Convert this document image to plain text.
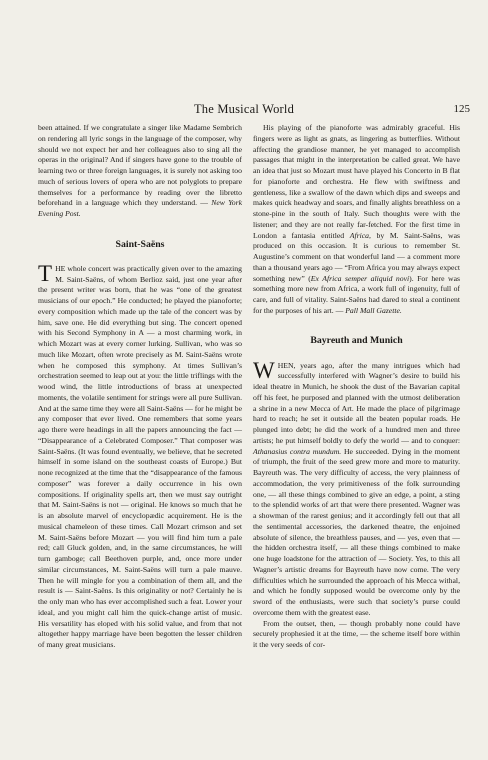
The Musical World	125

been attained. If we congratulate a singer like Madame Sembrich on rendering all lyric songs in the language of the composer, why should we not expect her and her colleagues also to sing all the operas in the original? And if singers have gone to the trouble of learning two or three foreign languages, it is surely not asking too much of serious lovers of opera who are not polyglots to prepare themselves for a performance by reading over the libretto beforehand in a language which they understand. — New York Evening Post.

Saint-Saëns

T HE whole concert was practically given over to the amazing M. Saint-Saëns, of whom Berlioz said, just one year after the present writer was born, that he was “one of the greatest musicians of our epoch.” He conducted; he played the pianoforte; every composition which made up the tale of the concert was by him, save one. He did everything but sing. The concert opened with his Second Symphony in A — a most charming work, in which Mozart was at every corner lurking. Sullivan, who was so much like Mozart, often wrote precisely as M. Saint-Saëns wrote when he composed this symphony. At times Sullivan’s orchestration seemed to leap out at you: the little triflings with the wood wind, the little introductions of brass at unexpected moments, the volatile sentiment for strings were all pure Sullivan. And at the same time they were all Saint-Saëns — for he might be any composer that ever lived. One remembers that some years ago there were headings in all the papers announcing the fact — “Disappearance of a Celebrated Composer.” That composer was Saint-Saëns. (It was found eventually, we believe, that he secreted himself in some island on the southeast coasts of Europe.) But none recognized at the time that the “disappearance of the famous composer” was forever a daily occurrence in his own compositions. If originality spells art, then we must say outright that M. Saint-Saëns is not — original. He knows so much that he is an absolute marvel of encyclopædic acquirement. He is the musical chameleon of these times. Call Mozart crimson and set M. Saint-Saëns before Mozart — you will find him turn a pale red; call Gluck golden, and, in the same circumstances, he will turn gamboge; call Beethoven purple, and, once more under similar circumstances, M. Saint-Saëns will turn a pale mauve. Then he will mingle for you a combination of them all, and the result is — Saint-Saëns. Is this originality or not? Certainly he is the only man who has ever accomplished such a feat. Lower your ideal, and you might call him the quick-change artist of music. His versatility has eloped with his solid value, and from that not altogether happy marriage have been begotten the lesser children of many great musicians.

His playing of the pianoforte was admirably graceful. His fingers were as light as gnats, as lingering as butterflies. Without affecting the grandiose manner, he yet managed to accomplish passages that might in the interpretation be called great. We have an idea that just so Mozart must have played his Concerto in B flat for pianoforte and orchestra. He flew with swiftness and gentleness, like a swallow of the dawn which dips and sweeps and makes quick headway and soars, and finally alights breathless on a stone-pine in the south of Italy. Such thoughts were with the listener; and they are not really far-fetched. For the first time in London a fantasia entitled Africa, by M. Saint-Saëns, was produced on this occasion. It is curious to remember St. Augustine’s comment on that wonderful land — a comment more than a thousand years ago — “From Africa you may always expect something new” (Ex Africa semper aliquid novi). For here was something more new from Africa, a work full of ingenuity, full of care, and full of vitality. Saint-Saëns had dared to steal a continent for the purposes of his art. — Pall Mall Gazette.

Bayreuth and Munich

W HEN, years ago, after the many intrigues which had successfully interfered with Wagner’s desire to build his ideal theatre in Munich, he shook the dust of the Bavarian capital off his feet, he purposed and planned with the utmost deliberation a shrine in a new Mecca of Art. He made the place of pilgrimage hard to reach; he set it outside all the beaten popular roads. He plunged into debt; he did the work of a hundred men and three artists; he put himself boldly to defy the world — and to conquer: Athanasius contra mundum. He succeeded. Dying in the moment of triumph, the fruit of the seed grew more and more to maturity. Bayreuth was. The very difficulty of access, the very plainness of accommodation, the very primitiveness of the folk surrounding one, — all these things combined to give an edge, a point, a sting to the splendid works of art that were there presented. Wagner was a showman of the rarest genius; and it accordingly fell out that all the sentimental accessories, the darkened theatre, the enjoined absolute of silence, the breathless pauses, and — yes, even that — the hidden orchestra itself, — all these things combined to make one huge loadstone for the attraction of — Society. Yes, to this all Wagner’s artistic dreams for Bayreuth have now come. The very difficulties which he surrounded the approach of his Mecca withal, and which he fondly supposed would be overcome only by the sword of the enthusiasts, were such that society’s purse could overcome them with the greatest ease.

From the outset, then, — though probably none could have securely prophesied it at the time, — the scheme itself bore within it the very seeds of cor-
